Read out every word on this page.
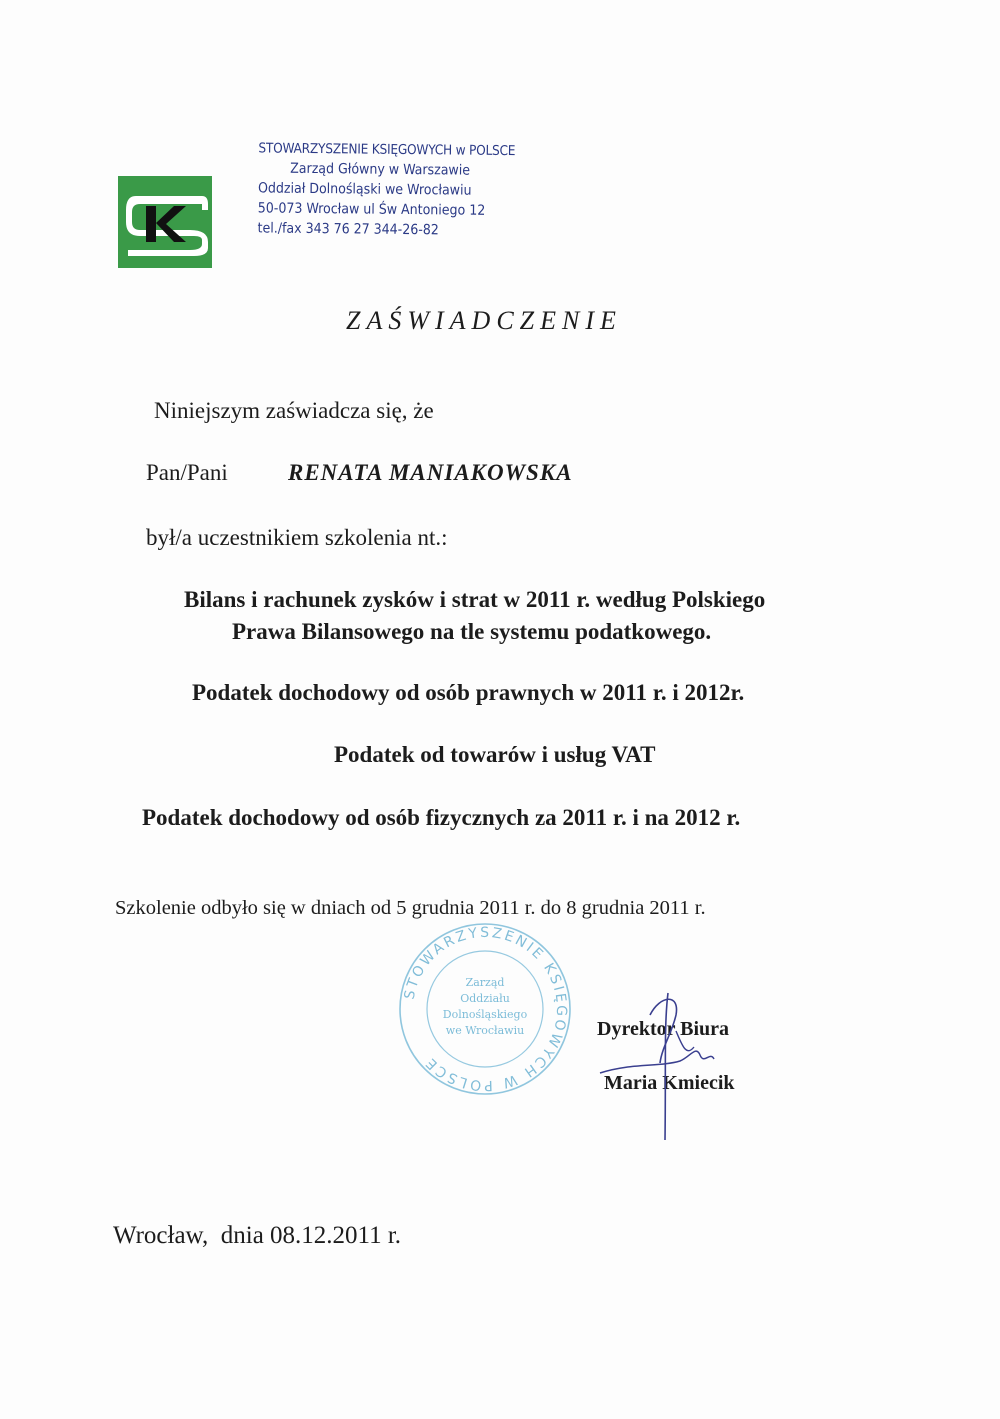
STOWARZYSZENIE KSIĘGOWYCH w POLSCE
Zarząd Główny w Warszawie
Oddział Dolnośląski we Wrocławiu
50-073 Wrocław ul Św Antoniego 12
tel./fax 343 76 27 344-26-82
ZAŚWIADCZENIE
Niniejszym zaświadcza się, że
Pan/Pani	RENATA MANIAKOWSKA
był/a uczestnikiem szkolenia nt.:
Bilans i rachunek zysków i strat w 2011 r. według Polskiego
Prawa Bilansowego na tle systemu podatkowego.
Podatek dochodowy od osób prawnych w 2011 r. i 2012r.
Podatek od towarów i usług VAT
Podatek dochodowy od osób fizycznych za 2011 r. i na 2012 r.
Szkolenie odbyło się w dniach od 5 grudnia 2011 r. do 8 grudnia 2011 r.
STOWARZYSZENIE KSIĘGOWYCH W POLSCE
Zarząd
Oddziału
Dolnośląskiego
we Wrocławiu	Dyrektor Biura
Maria Kmiecik
Wrocław, dnia 08.12.2011 r.
